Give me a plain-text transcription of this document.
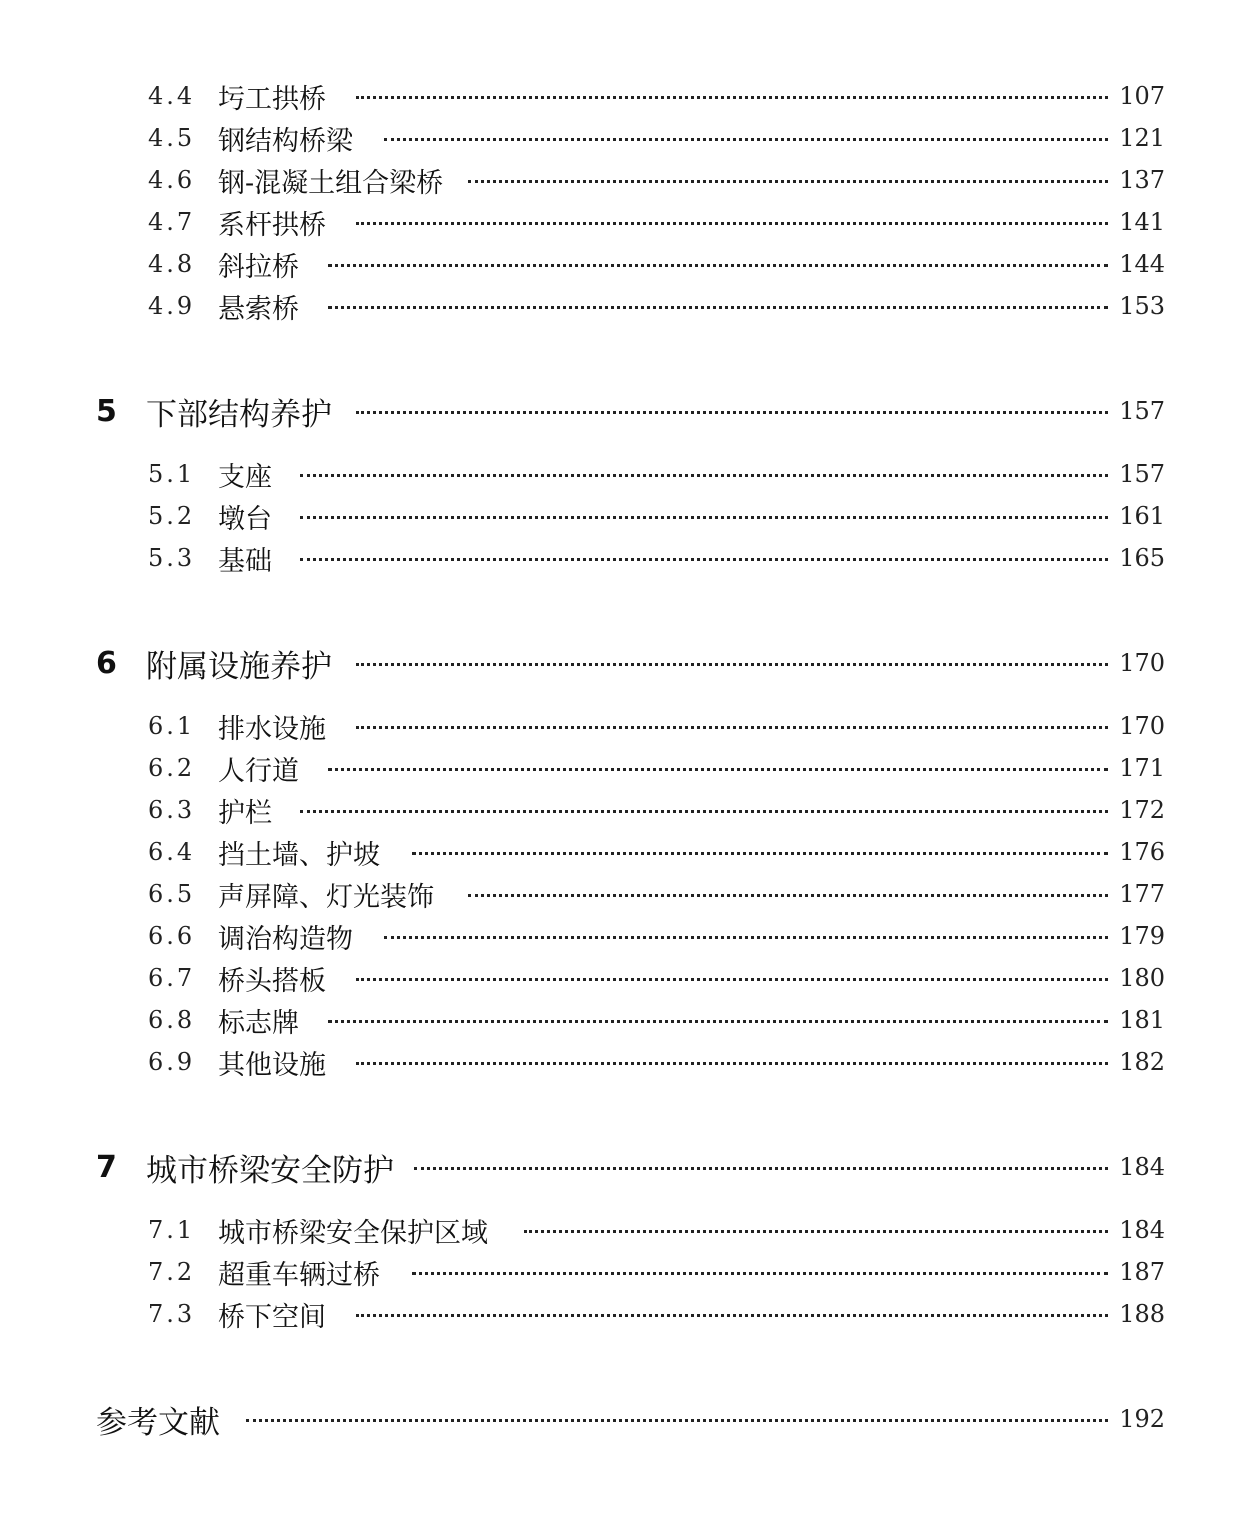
4.4 圬工拱桥	107
4.5 钢结构桥梁	121
4.6 钢-混凝土组合梁桥	137
4.7 系杆拱桥	141
4.8 斜拉桥	144
4.9 悬索桥	153
5 下部结构养护	157
5.1 支座	157
5.2 墩台	161
5.3 基础	165
6 附属设施养护	170
6.1 排水设施	170
6.2 人行道	171
6.3 护栏	172
6.4 挡土墙、护坡	176
6.5 声屏障、灯光装饰	177
6.6 调治构造物	179
6.7 桥头搭板	180
6.8 标志牌	181
6.9 其他设施	182
7 城市桥梁安全防护	184
7.1 城市桥梁安全保护区域	184
7.2 超重车辆过桥	187
7.3 桥下空间	188
参考文献	192
